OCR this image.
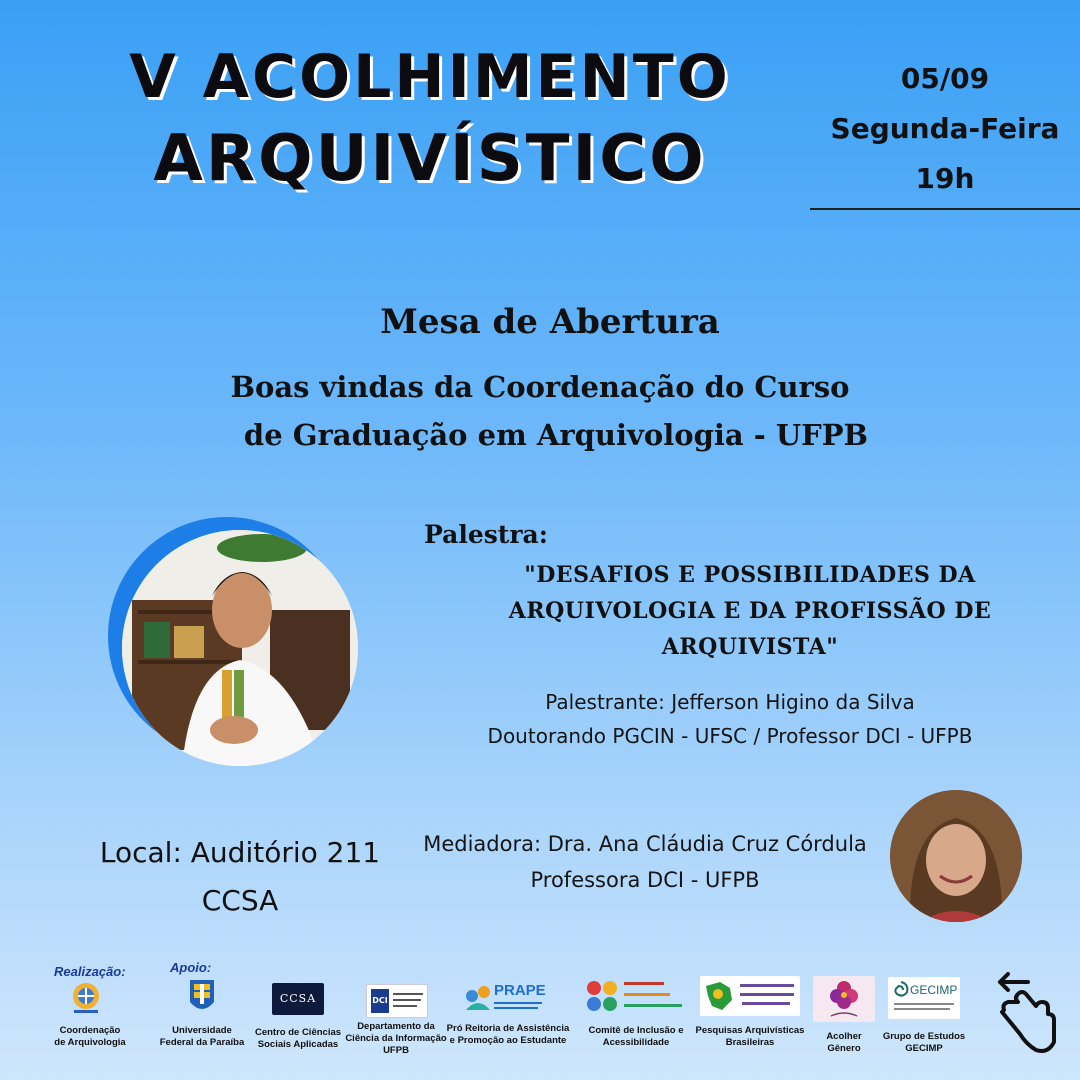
V ACOLHIMENTO
ARQUIVÍSTICO
05/09
Segunda-Feira
19h
Mesa de Abertura
Boas vindas da Coordenação do Curso
de Graduação em Arquivologia - UFPB
Palestra:
"DESAFIOS E POSSIBILIDADES DA
ARQUIVOLOGIA E DA PROFISSÃO DE
ARQUIVISTA"
Palestrante: Jefferson Higino da Silva
Doutorando PGCIN - UFSC / Professor DCI - UFPB
Local: Auditório 211
CCSA
Mediadora: Dra. Ana Cláudia Cruz Córdula
Professora DCI - UFPB
Realização:	Apoio:
Coordenação
de Arquivologia
Universidade
Federal da Paraíba
CCSA
Centro de Ciências
Sociais Aplicadas
DCI
Departamento da
Ciência da Informação
UFPB
PRAPE
Pró Reitoria de Assistência
e Promoção ao Estudante
Comitê de Inclusão e
Acessibilidade
Pesquisas Arquivísticas
Brasileiras
Acolher
Gênero
GECIMP
Grupo de Estudos
GECIMP
